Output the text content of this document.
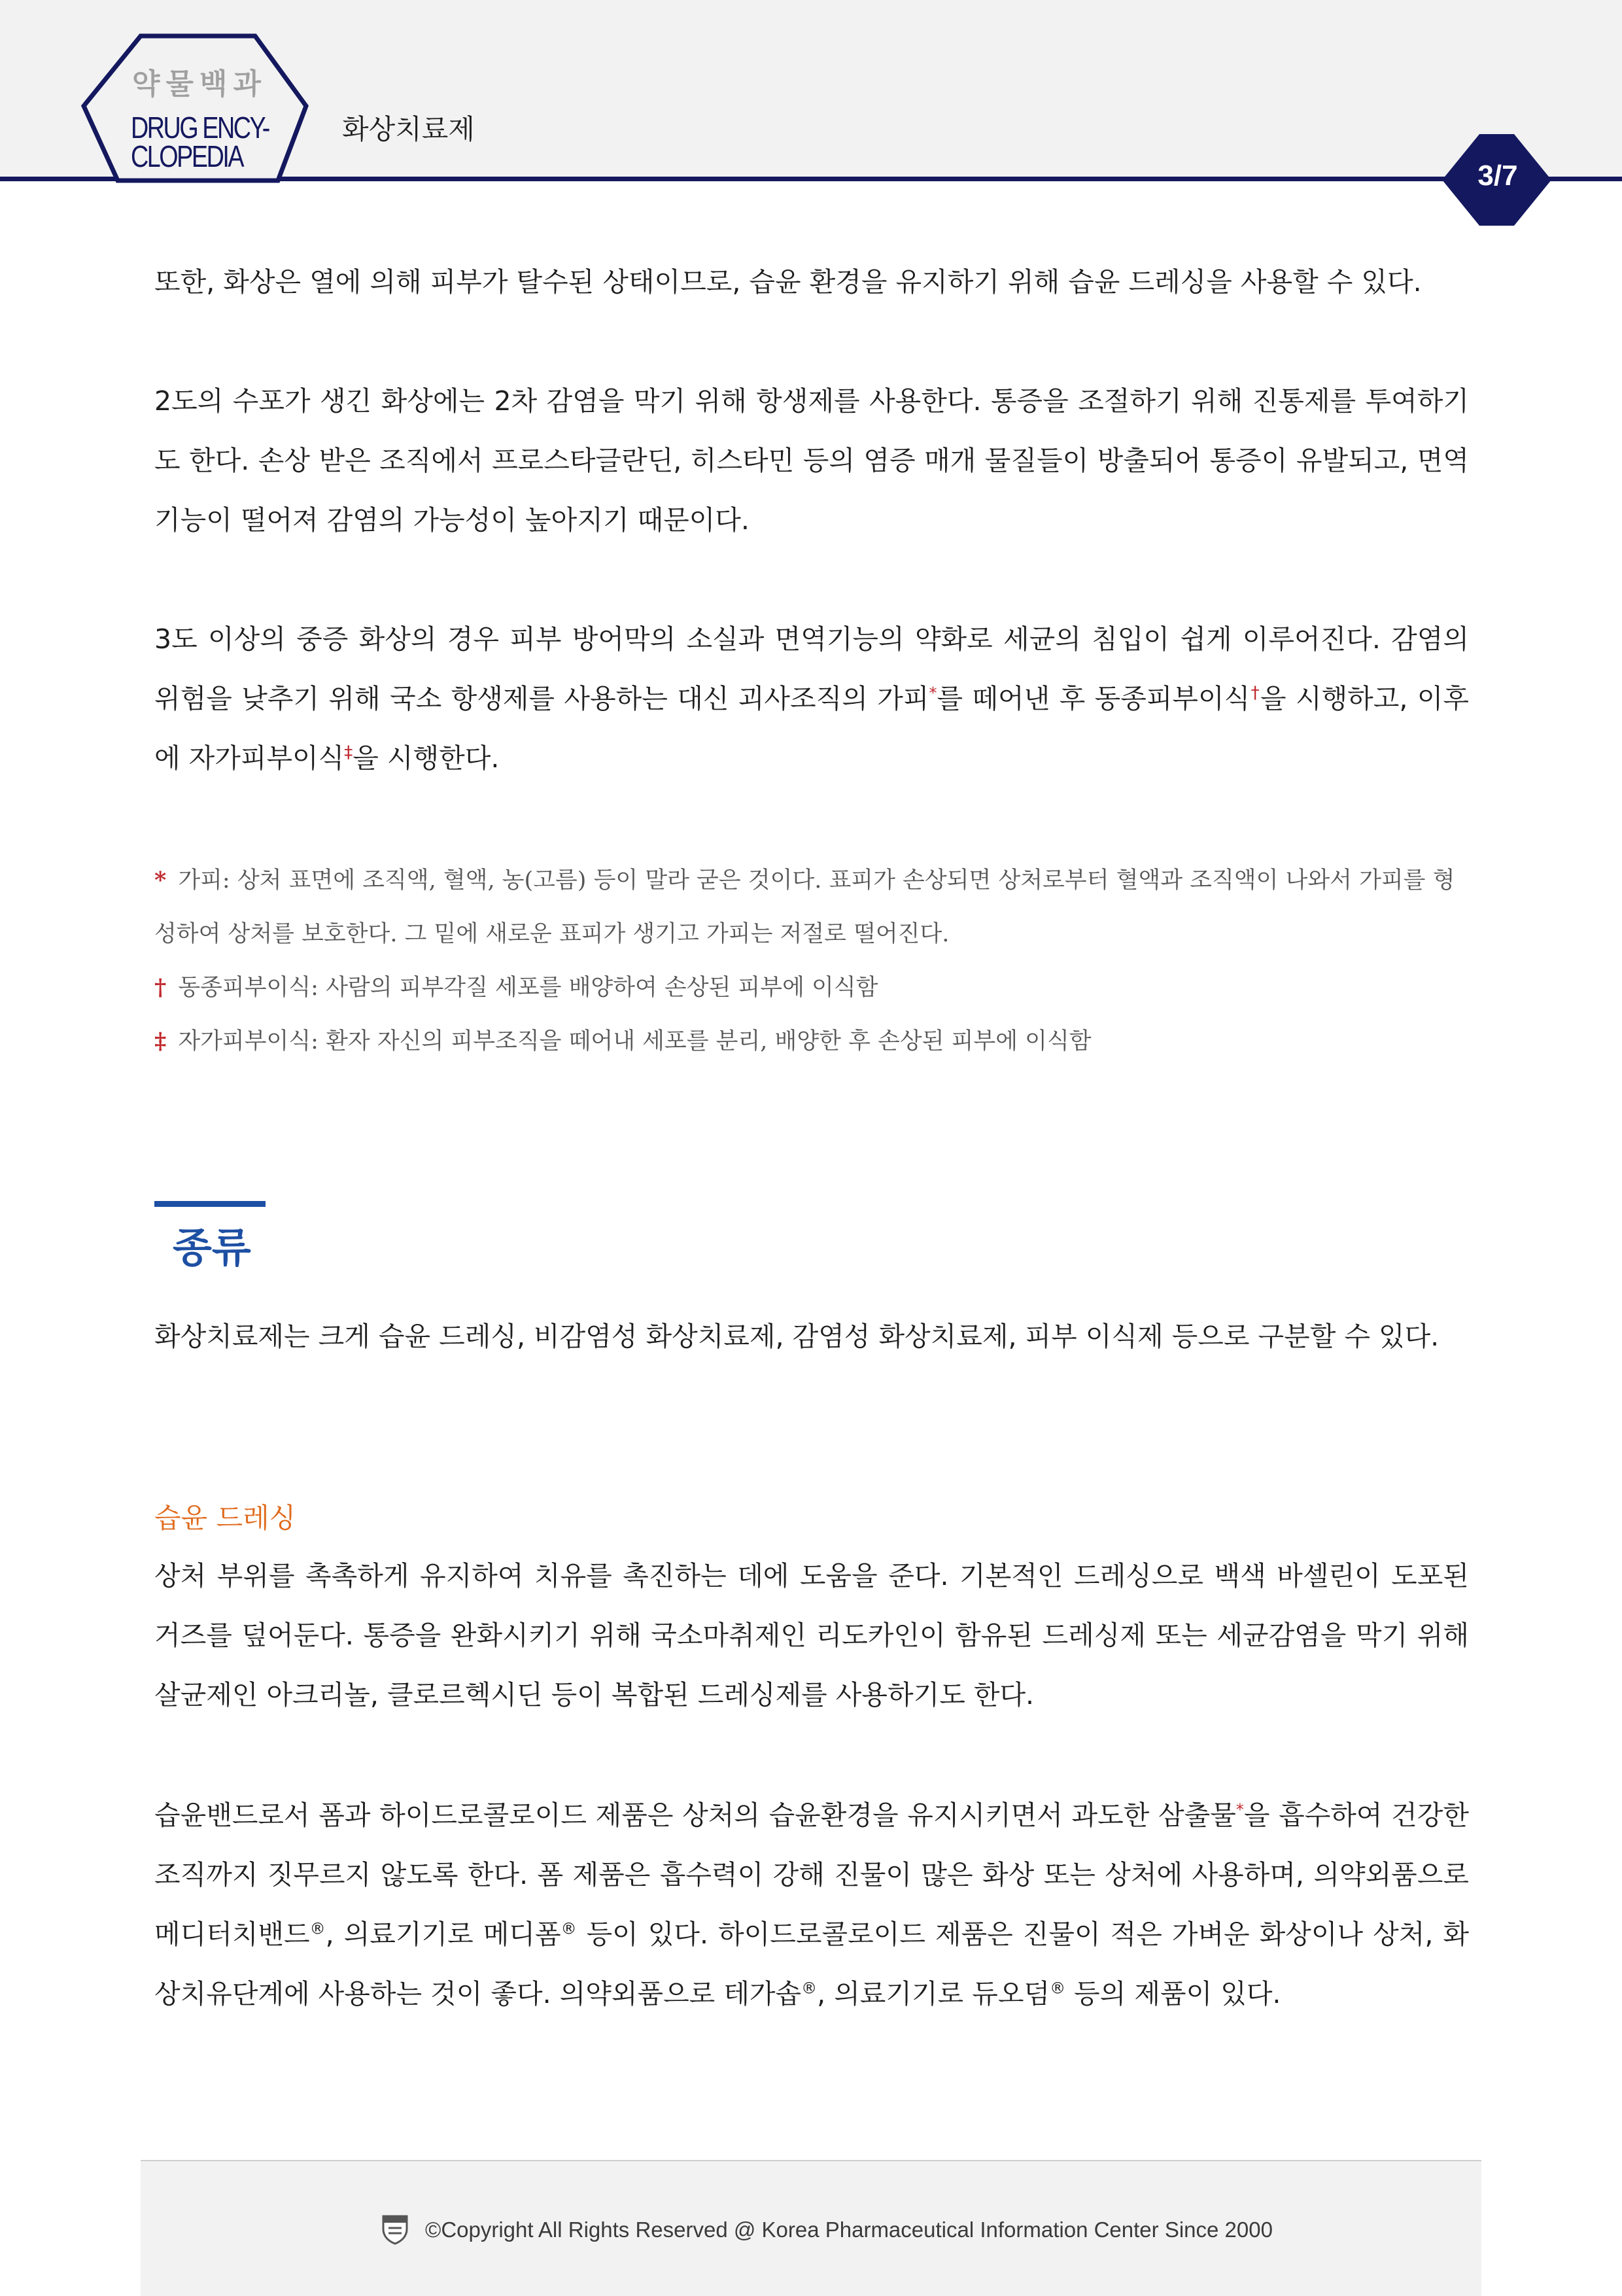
약물백과
DRUG ENCY-
CLOPEDIA
화상치료제
3/7
또한, 화상은 열에 의해 피부가 탈수된 상태이므로, 습윤 환경을 유지하기 위해 습윤 드레싱을 사용할 수 있다.
2도의 수포가 생긴 화상에는 2차 감염을 막기 위해 항생제를 사용한다. 통증을 조절하기 위해 진통제를 투여하기도 한다. 손상 받은 조직에서 프로스타글란딘, 히스타민 등의 염증 매개 물질들이 방출되어 통증이 유발되고, 면역기능이 떨어져 감염의 가능성이 높아지기 때문이다.
3도 이상의 중증 화상의 경우 피부 방어막의 소실과 면역기능의 약화로 세균의 침입이 쉽게 이루어진다. 감염의 위험을 낮추기 위해 국소 항생제를 사용하는 대신 괴사조직의 가피*를 떼어낸 후 동종피부이식†을 시행하고, 이후에 자가피부이식‡을 시행한다.
* 가피: 상처 표면에 조직액, 혈액, 농(고름) 등이 말라 굳은 것이다. 표피가 손상되면 상처로부터 혈액과 조직액이 나와서 가피를 형성하여 상처를 보호한다. 그 밑에 새로운 표피가 생기고 가피는 저절로 떨어진다.
† 동종피부이식: 사람의 피부각질 세포를 배양하여 손상된 피부에 이식함
‡ 자가피부이식: 환자 자신의 피부조직을 떼어내 세포를 분리, 배양한 후 손상된 피부에 이식함
종류
화상치료제는 크게 습윤 드레싱, 비감염성 화상치료제, 감염성 화상치료제, 피부 이식제 등으로 구분할 수 있다.
습윤 드레싱
상처 부위를 촉촉하게 유지하여 치유를 촉진하는 데에 도움을 준다. 기본적인 드레싱으로 백색 바셀린이 도포된 거즈를 덮어둔다. 통증을 완화시키기 위해 국소마취제인 리도카인이 함유된 드레싱제 또는 세균감염을 막기 위해 살균제인 아크리놀, 클로르헥시딘 등이 복합된 드레싱제를 사용하기도 한다.
습윤밴드로서 폼과 하이드로콜로이드 제품은 상처의 습윤환경을 유지시키면서 과도한 삼출물*을 흡수하여 건강한 조직까지 짓무르지 않도록 한다. 폼 제품은 흡수력이 강해 진물이 많은 화상 또는 상처에 사용하며, 의약외품으로 메디터치밴드®, 의료기기로 메디폼® 등이 있다. 하이드로콜로이드 제품은 진물이 적은 가벼운 화상이나 상처, 화상치유단계에 사용하는 것이 좋다. 의약외품으로 테가솝®, 의료기기로 듀오덤® 등의 제품이 있다.
©Copyright All Rights Reserved @ Korea Pharmaceutical Information Center Since 2000
